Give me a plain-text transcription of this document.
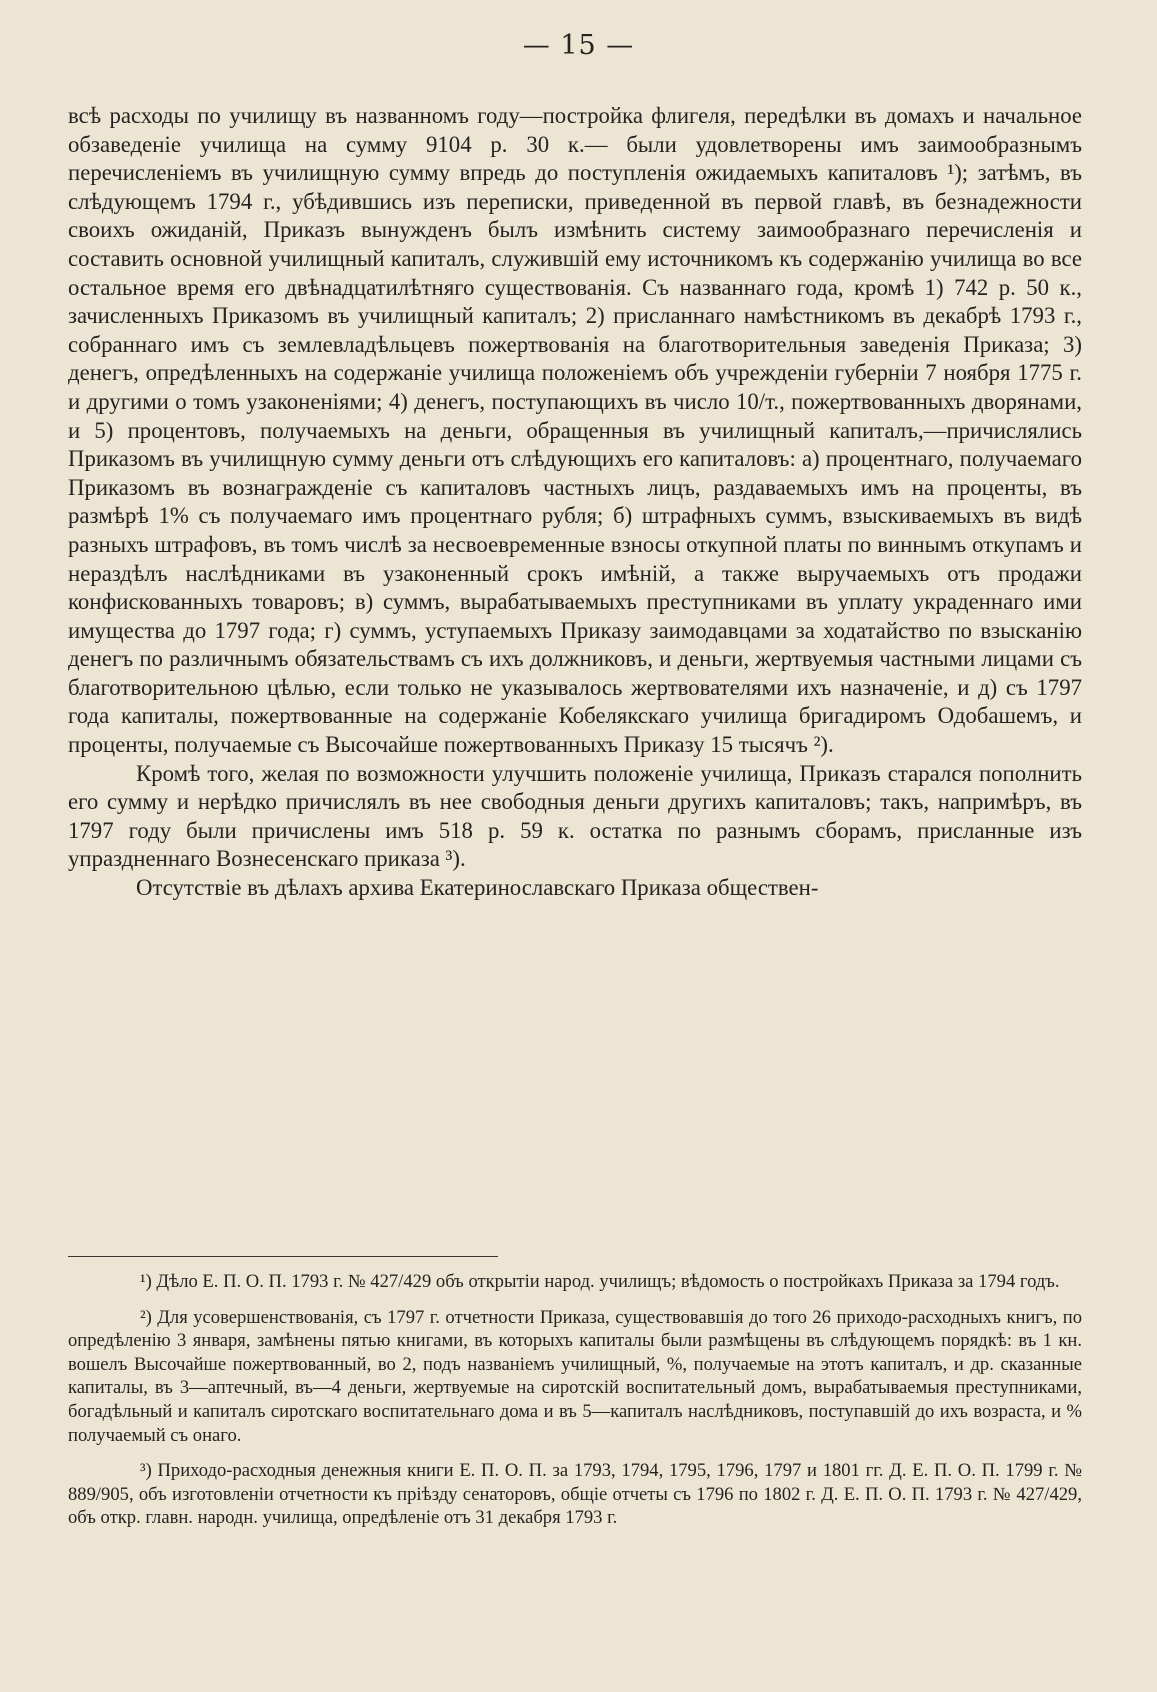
— 15 —

всѣ расходы по училищу въ названномъ году—постройка флигеля, передѣлки въ домахъ и начальное обзаведеніе училища на сумму 9104 р. 30 к.— были удовлетворены имъ заимообразнымъ перечисленіемъ въ училищную сумму впредь до поступленія ожидаемыхъ капиталовъ ¹); затѣмъ, въ слѣдующемъ 1794 г., убѣдившись изъ переписки, приведенной въ первой главѣ, въ безнадежности своихъ ожиданій, Приказъ вынужденъ былъ измѣнить систему заимообразнаго перечисленія и составить основной училищный капиталъ, служившій ему источникомъ къ содержанію училища во все остальное время его двѣнадцатилѣтняго существованія. Съ названнаго года, кромѣ 1) 742 р. 50 к., зачисленныхъ Приказомъ въ училищный капиталъ; 2) присланнаго намѣстникомъ въ декабрѣ 1793 г., собраннаго имъ съ землевладѣльцевъ пожертвованія на благотворительныя заведенія Приказа; 3) денегъ, опредѣленныхъ на содержаніе училища положеніемъ объ учрежденіи губерніи 7 ноября 1775 г. и другими о томъ узаконеніями; 4) денегъ, поступающихъ въ число 10/т., пожертвованныхъ дворянами, и 5) процентовъ, получаемыхъ на деньги, обращенныя въ училищный капиталъ,—причислялись Приказомъ въ училищную сумму деньги отъ слѣдующихъ его капиталовъ: а) процентнаго, получаемаго Приказомъ въ вознагражденіе съ капиталовъ частныхъ лицъ, раздаваемыхъ имъ на проценты, въ размѣрѣ 1% съ получаемаго имъ процентнаго рубля; б) штрафныхъ суммъ, взыскиваемыхъ въ видѣ разныхъ штрафовъ, въ томъ числѣ за несвоевременные взносы откупной платы по виннымъ откупамъ и нераздѣлъ наслѣдниками въ узаконенный срокъ имѣній, а также выручаемыхъ отъ продажи конфискованныхъ товаровъ; в) суммъ, вырабатываемыхъ преступниками въ уплату украденнаго ими имущества до 1797 года; г) суммъ, уступаемыхъ Приказу заимодавцами за ходатайство по взысканію денегъ по различнымъ обязательствамъ съ ихъ должниковъ, и деньги, жертвуемыя частными лицами съ благотворительною цѣлью, если только не указывалось жертвователями ихъ назначеніе, и д) съ 1797 года капиталы, пожертвованные на содержаніе Кобелякскаго училища бригадиромъ Одобашемъ, и проценты, получаемые съ Высочайше пожертвованныхъ Приказу 15 тысячъ ²).

Кромѣ того, желая по возможности улучшить положеніе училища, Приказъ старался пополнить его сумму и нерѣдко причислялъ въ нее свободныя деньги другихъ капиталовъ; такъ, напримѣръ, въ 1797 году были причислены имъ 518 р. 59 к. остатка по разнымъ сборамъ, присланные изъ упраздненнаго Вознесенскаго приказа ³).

Отсутствіе въ дѣлахъ архива Екатеринославскаго Приказа обществен-

¹) Дѣло Е. П. О. П. 1793 г. № 427/429 объ открытіи народ. училищъ; вѣдомость о постройкахъ Приказа за 1794 годъ.

²) Для усовершенствованія, съ 1797 г. отчетности Приказа, существовавшія до того 26 приходо-расходныхъ книгъ, по опредѣленію 3 января, замѣнены пятью книгами, въ которыхъ капиталы были размѣщены въ слѣдующемъ порядкѣ: въ 1 кн. вошелъ Высочайше пожертвованный, во 2, подъ названіемъ училищный, %, получаемые на этотъ капиталъ, и др. сказанные капиталы, въ 3—аптечный, въ—4 деньги, жертвуемые на сиротскій воспитательный домъ, вырабатываемыя преступниками, богадѣльный и капиталъ сиротскаго воспитательнаго дома и въ 5—капиталъ наслѣдниковъ, поступавшій до ихъ возраста, и % получаемый съ онаго.

³) Приходо-расходныя денежныя книги Е. П. О. П. за 1793, 1794, 1795, 1796, 1797 и 1801 гг. Д. Е. П. О. П. 1799 г. № 889/905, объ изготовленіи отчетности къ пріѣзду сенаторовъ, общіе отчеты съ 1796 по 1802 г. Д. Е. П. О. П. 1793 г. № 427/429, объ откр. главн. народн. училища, опредѣленіе отъ 31 декабря 1793 г.
